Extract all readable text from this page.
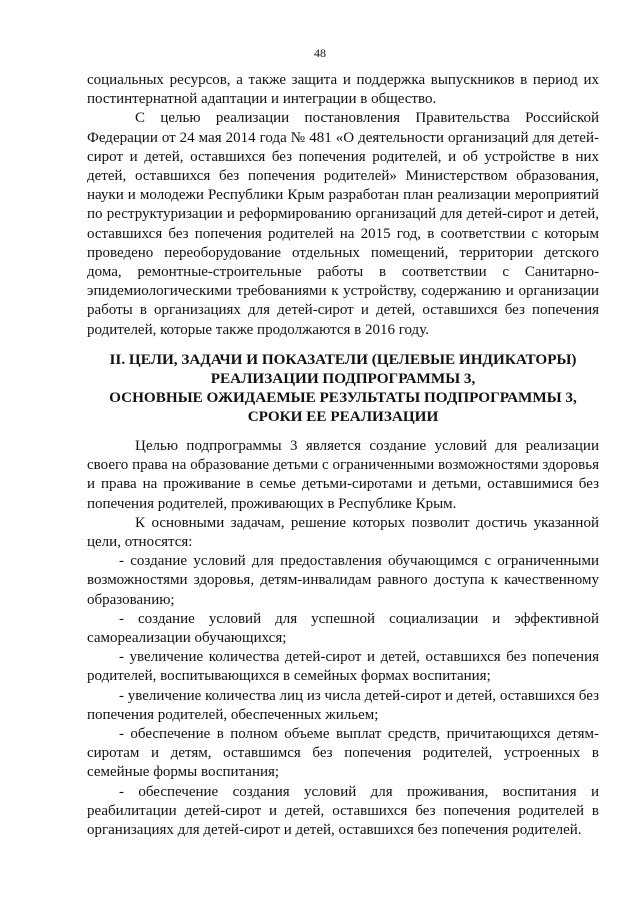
48

социальных ресурсов, а также защита и поддержка выпускников в период их постинтернатной адаптации и интеграции в общество.

С целью реализации постановления Правительства Российской Федерации от 24 мая 2014 года № 481 «О деятельности организаций для детей-сирот и детей, оставшихся без попечения родителей, и об устройстве в них детей, оставшихся без попечения родителей» Министерством образования, науки и молодежи Республики Крым разработан план реализации мероприятий по реструктуризации и реформированию организаций для детей-сирот и детей, оставшихся без попечения родителей на 2015 год, в соответствии с которым проведено переоборудование отдельных помещений, территории детского дома, ремонтные-строительные работы в соответствии с Санитарно-эпидемиологическими требованиями к устройству, содержанию и организации работы в организациях для детей-сирот и детей, оставшихся без попечения родителей, которые также продолжаются в 2016 году.

II. ЦЕЛИ, ЗАДАЧИ И ПОКАЗАТЕЛИ (ЦЕЛЕВЫЕ ИНДИКАТОРЫ)
РЕАЛИЗАЦИИ ПОДПРОГРАММЫ 3,
ОСНОВНЫЕ ОЖИДАЕМЫЕ РЕЗУЛЬТАТЫ ПОДПРОГРАММЫ 3,
СРОКИ ЕЕ РЕАЛИЗАЦИИ

Целью подпрограммы 3 является создание условий для реализации своего права на образование детьми с ограниченными возможностями здоровья и права на проживание в семье детьми-сиротами и детьми, оставшимися без попечения родителей, проживающих в Республике Крым.

К основными задачам, решение которых позволит достичь указанной цели, относятся:

- создание условий для предоставления обучающимся с ограниченными возможностями здоровья, детям-инвалидам равного доступа к качественному образованию;

- создание условий для успешной социализации и эффективной самореализации обучающихся;

- увеличение количества детей-сирот и детей, оставшихся без попечения родителей, воспитывающихся в семейных формах воспитания;

- увеличение количества лиц из числа детей-сирот и детей, оставшихся без попечения родителей, обеспеченных жильем;

- обеспечение в полном объеме выплат средств, причитающихся детям-сиротам и детям, оставшимся без попечения родителей, устроенных в семейные формы воспитания;

- обеспечение создания условий для проживания, воспитания и реабилитации детей-сирот и детей, оставшихся без попечения родителей в организациях для детей-сирот и детей, оставшихся без попечения родителей.
